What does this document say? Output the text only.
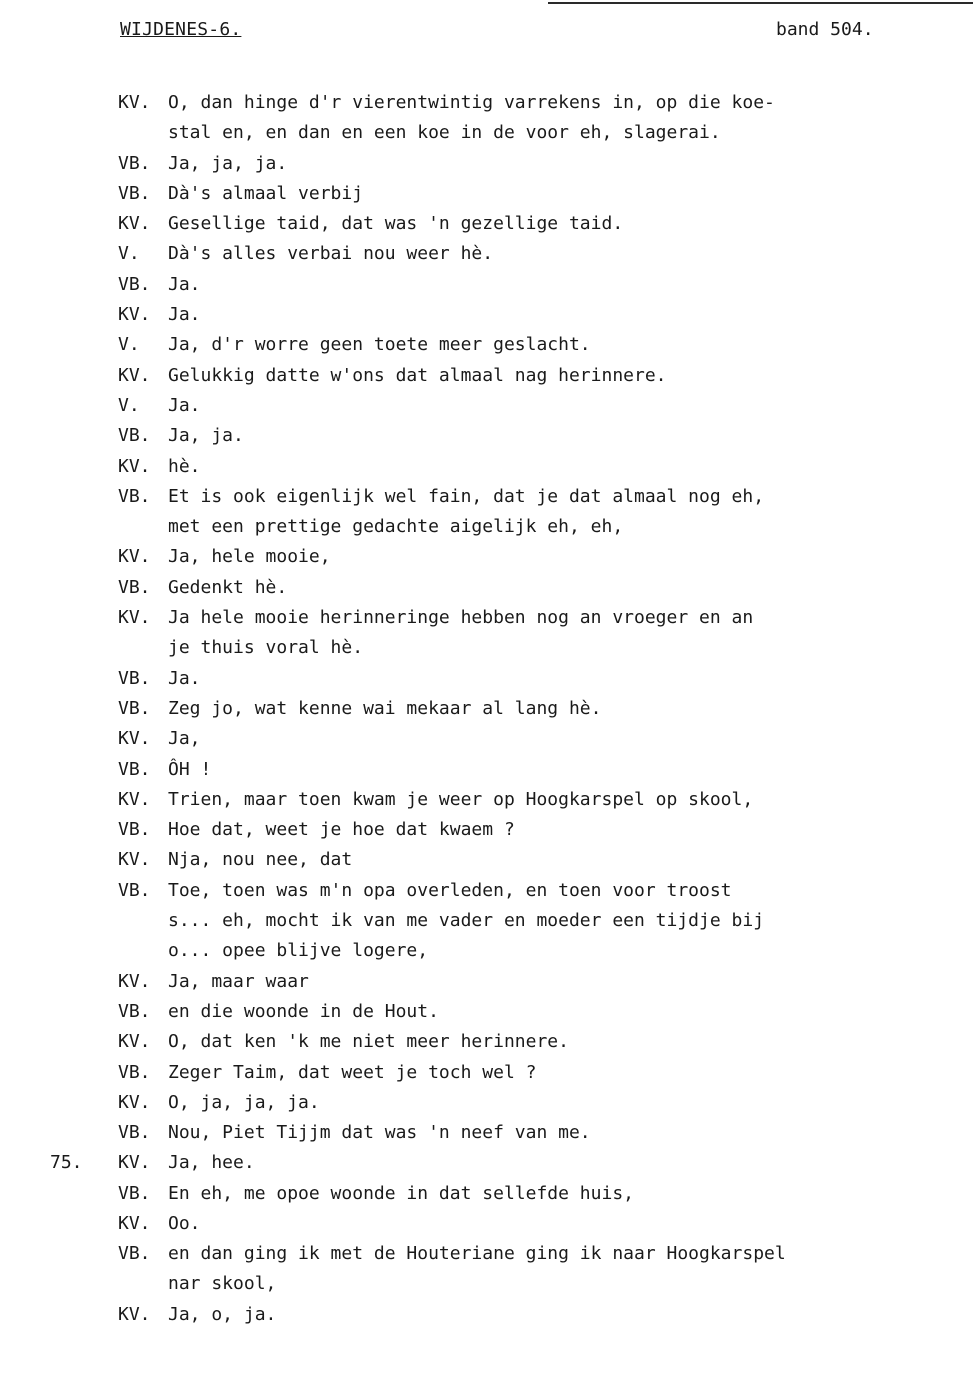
WIJDENES-6.	band 504.
KV. O, dan hinge d'r vierentwintig varrekens in, op die koe-
stal en, en dan en een koe in de voor eh, slagerai.
VB. Ja, ja, ja.
VB. Dà's almaal verbij
KV. Gesellige taid, dat was 'n gezellige taid.
V. Dà's alles verbai nou weer hè.
VB. Ja.
KV. Ja.
V. Ja, d'r worre geen toete meer geslacht.
KV. Gelukkig datte w'ons dat almaal nag herinnere.
V. Ja.
VB. Ja, ja.
KV. hè.
VB. Et is ook eigenlijk wel fain, dat je dat almaal nog eh,
met een prettige gedachte aigelijk eh, eh,
KV. Ja, hele mooie,
VB. Gedenkt hè.
KV. Ja hele mooie herinneringe hebben nog an vroeger en an
je thuis voral hè.
VB. Ja.
VB. Zeg jo, wat kenne wai mekaar al lang hè.
KV. Ja,
VB. ÔH !
KV. Trien, maar toen kwam je weer op Hoogkarspel op skool,
VB. Hoe dat, weet je hoe dat kwaem ?
KV. Nja, nou nee, dat
VB. Toe, toen was m'n opa overleden, en toen voor troost
s... eh, mocht ik van me vader en moeder een tijdje bij
o... opee blijve logere,
KV. Ja, maar waar
VB. en die woonde in de Hout.
KV. O, dat ken 'k me niet meer herinnere.
VB. Zeger Taim, dat weet je toch wel ?
KV. O, ja, ja, ja.
VB. Nou, Piet Tijjm dat was 'n neef van me.
75. KV. Ja, hee.
VB. En eh, me opoe woonde in dat sellefde huis,
KV. Oo.
VB. en dan ging ik met de Houteriane ging ik naar Hoogkarspel
nar skool,
KV. Ja, o, ja.
